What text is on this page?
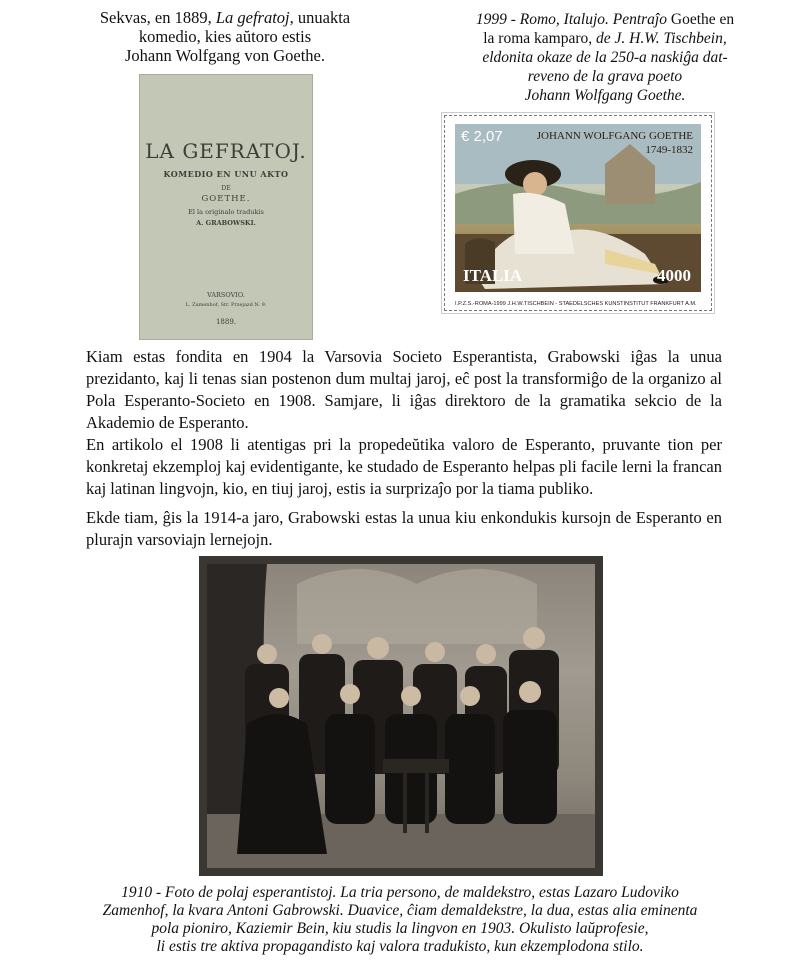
Sekvas, en 1889, La gefratoj, unuakta
komedio, kies aŭtoro estis
Johann Wolfgang von Goethe.
1999 - Romo, Italujo. Pentraĵo Goethe en
la roma kamparo, de J. H.W. Tischbein,
eldonita okaze de la 250-a naskiĝa dat-
reveno de la grava poeto
Johann Wolfgang Goethe.
LA GEFRATOJ.
KOMEDIO EN UNU AKTO
DE
GOETHE.
El la originalo tradukis
A. GRABOWSKI.
VARSOVIO.
L. Zamenhof, Str. Przejazd N. 9.
1889.
€ 2,07	JOHANN WOLFGANG GOETHE
1749-1832
ITALIA	4000
I.P.Z.S.-ROMA-1999 J.H.W.TISCHBEIN - STAEDELSCHES KUNSTINSTITUT FRANKFURT A.M.

Kiam estas fondita en 1904 la Varsovia Societo Esperantista, Grabowski iĝas la unua prezidanto, kaj li tenas sian postenon dum multaj jaroj, eĉ post la transformiĝo de la organizo al Pola Esperanto-Societo en 1908. Samjare, li iĝas direktoro de la gramatika sekcio de la Akademio de Esperanto.

En artikolo el 1908 li atentigas pri la propedeŭtika valoro de Esperanto, pruvante tion per konkretaj ekzemploj kaj evidentigante, ke studado de Esperanto helpas pli facile lerni la francan kaj latinan lingvojn, kio, en tiuj jaroj, estis ia surprizaĵo por la tiama publiko.

Ekde tiam, ĝis la 1914-a jaro, Grabowski estas la unua kiu enkondukis kursojn de Esperanto en plurajn varsoviajn lernejojn.

1910 - Foto de polaj esperantistoj. La tria persono, de maldekstro, estas Lazaro Ludoviko
Zamenhof, la kvara Antoni Gabrowski. Duavice, ĉiam demaldekstre, la dua, estas alia eminenta
pola pioniro, Kaziemir Bein, kiu studis la lingvon en 1903. Okulisto laŭprofesie,
li estis tre aktiva propagandisto kaj valora tradukisto, kun ekzemplodona stilo.
